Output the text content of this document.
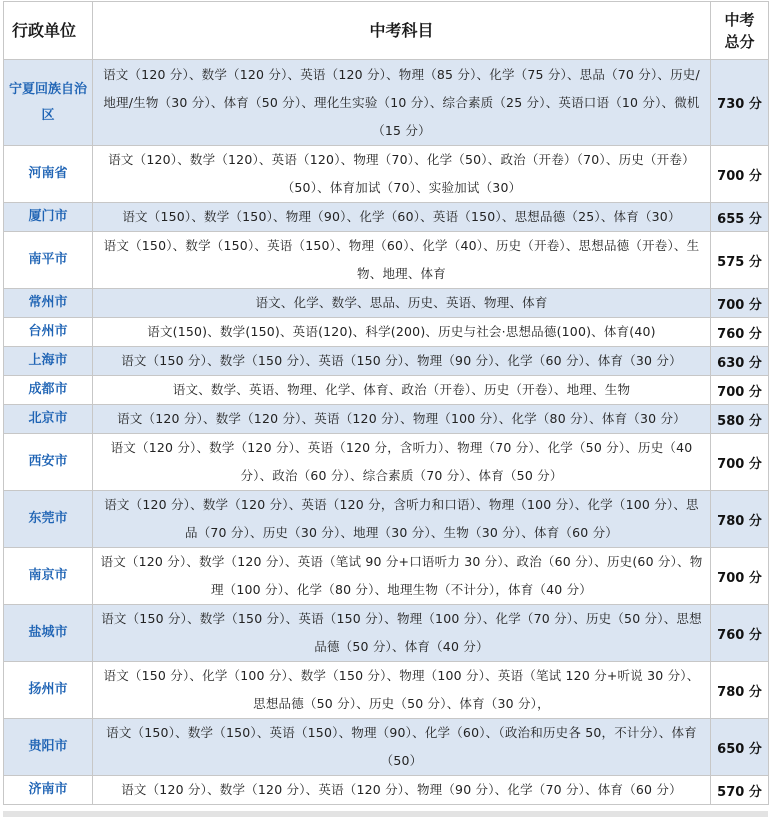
行政单位	中考科目	中考
总分
宁夏回族自治区	语文（120 分）、数学（120 分）、英语（120 分）、物理（85 分）、化学（75 分）、思品（70 分）、历史/地理/生物（30 分）、体育（50 分）、理化生实验（10 分）、综合素质（25 分）、英语口语（10 分）、微机（15 分）	730 分
河南省	语文（120）、数学（120）、英语（120）、物理（70）、化学（50）、政治（开卷）（70）、历史（开卷）（50）、体育加试（70）、实验加试（30）	700 分
厦门市	语文（150）、数学（150）、物理（90）、化学（60）、英语（150）、思想品德（25）、体育（30）	655 分
南平市	语文（150）、数学（150）、英语（150）、物理（60）、化学（40）、历史（开卷）、思想品德（开卷）、生物、地理、体育	575 分
常州市	语文、化学、数学、思品、历史、英语、物理、体育	700 分
台州市	语文(150)、数学(150)、英语(120)、科学(200)、历史与社会·思想品德(100)、体育(40)	760 分
上海市	语文（150 分）、数学（150 分）、英语（150 分）、物理（90 分）、化学（60 分）、体育（30 分）	630 分
成都市	语文、数学、英语、物理、化学、体育、政治（开卷）、历史（开卷）、地理、生物	700 分
北京市	语文（120 分）、数学（120 分）、英语（120 分）、物理（100 分）、化学（80 分）、体育（30 分）	580 分
西安市	语文（120 分）、数学（120 分）、英语（120 分，含听力）、物理（70 分）、化学（50 分）、历史（40 分）、政治（60 分）、综合素质（70 分）、体育（50 分）	700 分
东莞市	语文（120 分）、数学（120 分）、英语（120 分，含听力和口语）、物理（100 分）、化学（100 分）、思品（70 分）、历史（30 分）、地理（30 分）、生物（30 分）、体育（60 分）	780 分
南京市	语文（120 分）、数学（120 分）、英语（笔试 90 分+口语听力 30 分）、政治（60 分）、历史(60 分）、物理（100 分）、化学（80 分）、地理生物（不计分），体育（40 分）	700 分
盐城市	语文（150 分）、数学（150 分）、英语（150 分）、物理（100 分）、化学（70 分）、历史（50 分）、思想品德（50 分）、体育（40 分）	760 分
扬州市	语文（150 分）、化学（100 分）、数学（150 分）、物理（100 分）、英语（笔试 120 分+听说 30 分）、思想品德（50 分）、历史（50 分）、体育（30 分），	780 分
贵阳市	语文（150）、数学（150）、英语（150）、物理（90）、化学（60）、（政治和历史各 50，不计分）、体育（50）	650 分
济南市	语文（120 分）、数学（120 分）、英语（120 分）、物理（90 分）、化学（70 分）、体育（60 分）	570 分
